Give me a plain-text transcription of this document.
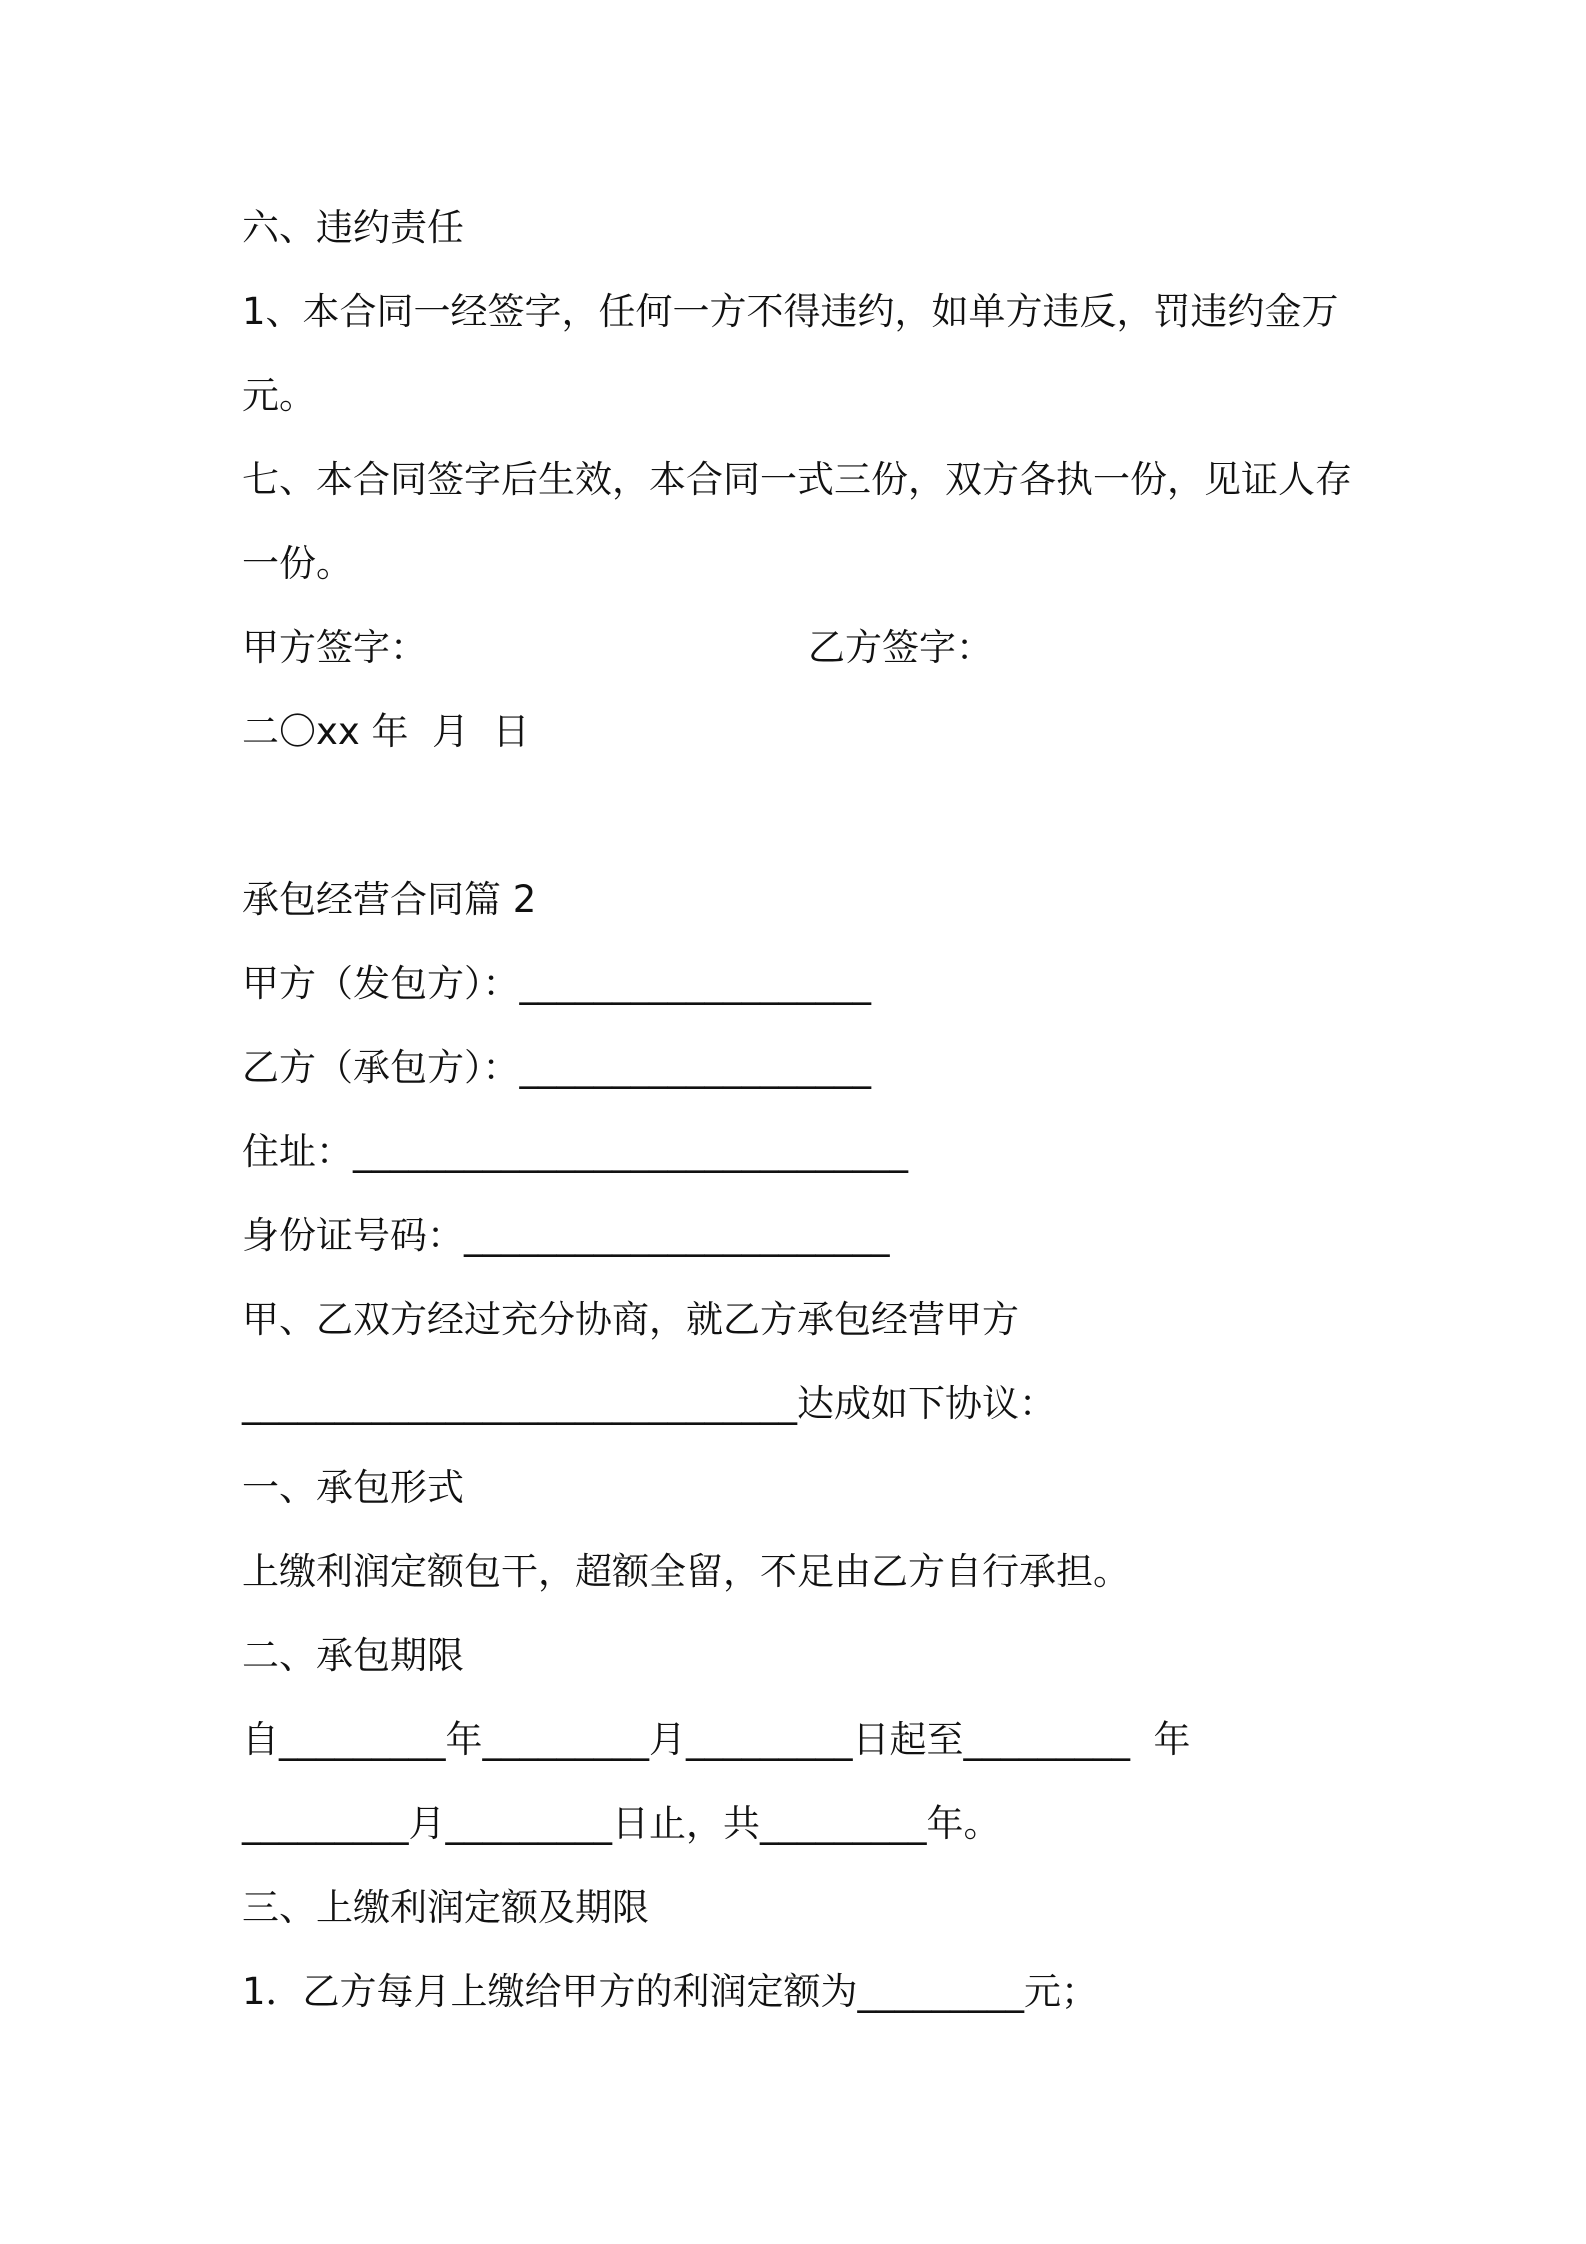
六、违约责任
1、本合同一经签字，任何一方不得违约，如单方违反，罚违约金万
元。
七、本合同签字后生效，本合同一式三份，双方各执一份，见证人存
一份。
甲方签字：	乙方签字：
二〇xx 年  月  日
承包经营合同篇 2
甲方（发包方）：___________________
乙方（承包方）：___________________
住址：______________________________
身份证号码：_______________________
甲、乙双方经过充分协商，就乙方承包经营甲方
______________________________达成如下协议：
一、承包形式
上缴利润定额包干，超额全留，不足由乙方自行承担。
二、承包期限
自_________年_________月_________日起至_________  年
_________月_________日止，共_________年。
三、上缴利润定额及期限
1．乙方每月上缴给甲方的利润定额为_________元；
